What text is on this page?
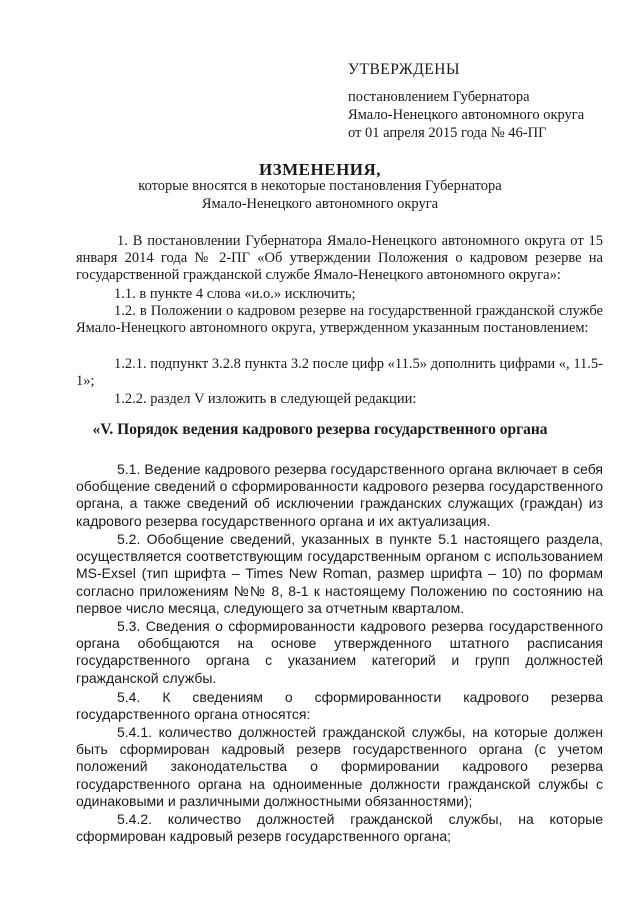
УТВЕРЖДЕНЫ
постановлением Губернатора
Ямало-Ненецкого автономного округа
от 01 апреля 2015 года № 46-ПГ
ИЗМЕНЕНИЯ,
которые вносятся в некоторые постановления Губернатора
Ямало-Ненецкого автономного округа

1. В постановлении Губернатора Ямало-Ненецкого автономного округа от 15 января 2014 года № 2-ПГ «Об утверждении Положения о кадровом резерве на государственной гражданской службе Ямало-Ненецкого автономного округа»:

1.1. в пункте 4 слова «и.о.» исключить;

1.2. в Положении о кадровом резерве на государственной гражданской службе Ямало-Ненецкого автономного округа, утвержденном указанным постановлением:

1.2.1. подпункт 3.2.8 пункта 3.2 после цифр «11.5» дополнить цифрами «, 11.5-1»;

1.2.2. раздел V изложить в следующей редакции:

«V. Порядок ведения кадрового резерва государственного органа

5.1. Ведение кадрового резерва государственного органа включает в себя обобщение сведений о сформированности кадрового резерва государственного органа, а также сведений об исключении гражданских служащих (граждан) из кадрового резерва государственного органа и их актуализация.

5.2. Обобщение сведений, указанных в пункте 5.1 настоящего раздела, осуществляется соответствующим государственным органом с использованием MS-Exsel (тип шрифта – Times New Roman, размер шрифта – 10) по формам согласно приложениям №№ 8, 8-1 к настоящему Положению по состоянию на первое число месяца, следующего за отчетным кварталом.

5.3. Сведения о сформированности кадрового резерва государственного органа обобщаются на основе утвержденного штатного расписания государственного органа с указанием категорий и групп должностей гражданской службы.

5.4. К сведениям о сформированности кадрового резерва государственного органа относятся:

5.4.1. количество должностей гражданской службы, на которые должен быть сформирован кадровый резерв государственного органа (с учетом положений законодательства о формировании кадрового резерва государственного органа на одноименные должности гражданской службы с одинаковыми и различными должностными обязанностями);

5.4.2. количество должностей гражданской службы, на которые сформирован кадровый резерв государственного органа;
